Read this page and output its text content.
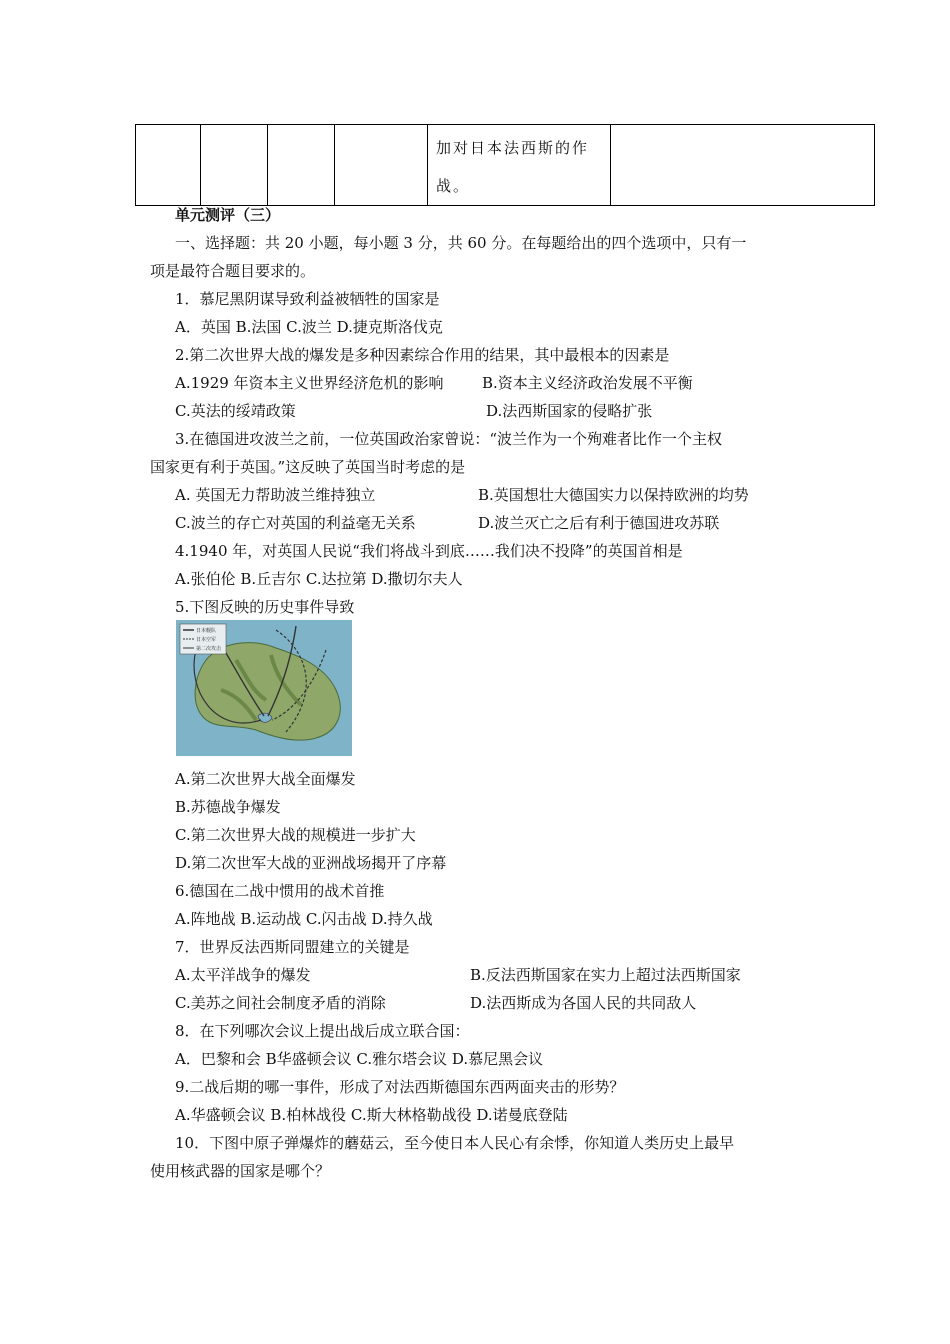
加对日本法西斯的作
战。

单元测评（三）
一、选择题：共 20 小题，每小题 3 分，共 60 分。在每题给出的四个选项中，只有一
项是最符合题目要求的。
1．慕尼黑阴谋导致利益被牺牲的国家是
A．英国 B.法国 C.波兰 D.捷克斯洛伐克
2.第二次世界大战的爆发是多种因素综合作用的结果，其中最根本的因素是
A.1929 年资本主义世界经济危机的影响	B.资本主义经济政治发展不平衡
C.英法的绥靖政策	D.法西斯国家的侵略扩张
3.在德国进攻波兰之前，一位英国政治家曾说：“波兰作为一个殉难者比作一个主权
国家更有利于英国。”这反映了英国当时考虑的是
A. 英国无力帮助波兰维持独立	B.英国想壮大德国实力以保持欧洲的均势
C.波兰的存亡对英国的利益毫无关系	D.波兰灭亡之后有利于德国进攻苏联
4.1940 年，对英国人民说“我们将战斗到底……我们决不投降”的英国首相是
A.张伯伦 B.丘吉尔 C.达拉第 D.撒切尔夫人
5.下图反映的历史事件导致
日本舰队
日本空军
第二次攻击
A.第二次世界大战全面爆发
B.苏德战争爆发
C.第二次世界大战的规模进一步扩大
D.第二次世军大战的亚洲战场揭开了序幕
6.德国在二战中惯用的战术首推
A.阵地战 B.运动战 C.闪击战 D.持久战
7．世界反法西斯同盟建立的关键是
A.太平洋战争的爆发	B.反法西斯国家在实力上超过法西斯国家
C.美苏之间社会制度矛盾的消除	D.法西斯成为各国人民的共同敌人
8．在下列哪次会议上提出战后成立联合国：
A．巴黎和会 B华盛顿会议 C.雅尔塔会议 D.慕尼黑会议
9.二战后期的哪一事件，形成了对法西斯德国东西两面夹击的形势？
A.华盛顿会议 B.柏林战役 C.斯大林格勒战役 D.诺曼底登陆
10．下图中原子弹爆炸的蘑菇云，至今使日本人民心有余悸，你知道人类历史上最早
使用核武器的国家是哪个？
